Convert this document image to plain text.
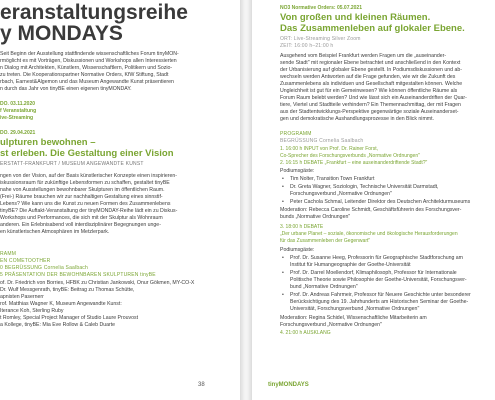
eranstaltungsreihe
y MONDAYS
Seit Beginn der Ausstellung stattfindende wissenschaftliches Forum tinyMON-
rmöglicht es mit Vorträgen, Diskussionen und Workshops allen Interessierten
n Dialog mit Architekten, Künstlern, Wissenschaftlern, Politikern und Sozio-
zu treten. Die Kooperationspartner Normative Orders, KfW Stiftung, Stadt
rbach, Earnest&Algemon und das Museum Angewandte Kunst präsentieren
n durch das Jahr von tinyBE einen eigenen tinyMONDAY.
DO. 03.11.2020
f Veranstaltung
ive-Streaming
DO. 29.04.2021
ulpturen bewohnen –
st erleben. Die Gestaltung einer Vision
ERSTATT-FRANKFURT / MUSEUM ANGEWANDTE KUNST
ngen von der Vision, auf der Basis künstlerischer Konzepte einen inspirieren-
iskussionsraum für zukünftige Lebensformen zu schaffen, gestaltet tinyBE
nahe von Ausstellungen bewohnbarer Skulpturen im öffentlichen Raum.
(Frei-) Räume brauchen wir zur nachhaltigen Gestaltung eines sinnstif-
Lebens? Wie kann uns die Kunst zu neuen Formen des Zusammenlebens
tinyBE? Die Auftakt-Veranstaltung der tinyMONDAY-Reihe lädt ein zu Diskus-
Workshops und Performances, die sich mit der Skulptur als Wohnraum
anderen. Ein Erlebnisabend voll interdisziplinärer Begegnungen unge-
en künstlerischen Atmosphären im Metzlerpark.
RAMM
EN COMETOOTHER
0 BEGRÜSSUNG Cornelia Saalbach
5 PRÄSENTATION DER BEWOHNBAREN SKULPTUREN tinyBE
of. Dr. Friedrich von Borries, HFBK zu Christian Jankowski, Onur Gökmen, MY-CO-X
Dr. Wulf Messgenrath, tinyBE: Beitrag zu Thomas Schütte,
apnisten Pasernerr
rof. Matthias Wagner K, Museum Angewandte Kunst:
Iterance Koh, Sterling Ruby
t Romley, Special Project Manager of Studio Laure Prouvost
a Kollege, tinyBE: Mia Eve Rollow & Caleb Duarte
38
NO3 Normative Orders: 05.07.2021
Von großen und kleinen Räumen.
Das Zusammenleben auf glokaler Ebene.
ORT: Live-Streaming Silver Zoom
ZEIT: 16:00 h–21:00 h
Ausgehend vom Beispiel Frankfurt werden Fragen um die „auseinander-
sende Stadt" mit regionaler Ebene betrachtet und anschließend in den Kontext
der Urbanisierung auf globaler Ebene gestellt. In Podiumsdiskussionen und ab-
wechseln werden Antworten auf die Frage gefunden, wie wir die Zukunft des
Zusammenlebens als individuen und Gesellschaft mitgestalten können. Welche
Ungleichheit ist gut für ein Gemeinwesen? Wie können öffentliche Räume als
Forum Raum belebt werden? Und wie lässt sich ein Auseinanderdriften der Quar-
tiere, Viertel und Stadtteile verhindern? Ein Themennachmittag, der mit Fragen
aus der Stadtentwicklungs-Perspektive gegenwärtige soziale Auseinanderset-
gen und demokratische Aushandlungsprozesse in den Blick nimmt.
PROGRAMM
BEGRÜSSUNG Cornelia Saalbach
1. 16:00 h INPUT von Prof. Dr. Rainer Forst,
Co-Sprecher des Forschungsverbunds „Normative Ordnungen"
2. 16:15 h DEBATE „Frankfurt – eine auseinanderdriftende Stadt?"
Podiumsgäste:
• Tim Nolter, Transition Town Frankfurt
• Dr. Greta Wagner, Soziologin, Technische Universität Darmstadt,
Forschungsverbund „Normative Ordnungen"
• Peter Cachola Schmal, Leitender Direktor des Deutschen Architekturmuseums
Moderation: Rebecca Caroline Schmidt, Geschäftsführerin des Forschungsver-
bunds „Normative Ordnungen"
3. 18:00 h DEBATE
„Der urbane Planet – soziale, ökonomische und ökologische Herausforderungen
für das Zusammenleben der Gegenwart"
Podiumsgäste:
• Prof. Dr. Susanne Heeg, Professorin für Geographische Stadtforschung am
Institut für Humangeographie der Goethe-Universität
• Prof. Dr. Darrel Moellendorf, Klimaphilosoph, Professor für Internationale
Politische Theorie sowie Philosophie der Goethe-Universität, Forschungsver-
bund „Normative Ordnungen"
• Prof. Dr. Andreas Fahrmeir, Professor für Neuere Geschichte unter besonderer
Berücksichtigung des 19. Jahrhunderts am Historischen Seminar der Goethe-
Universität, Forschungsverbund „Normative Ordnungen"
Moderation: Regina Schidel, Wissenschaftliche Mitarbeiterin am
Forschungsverbund „Normative Ordnungen"
4. 21:00 h AUSKLANG
tinyMONDAYS
